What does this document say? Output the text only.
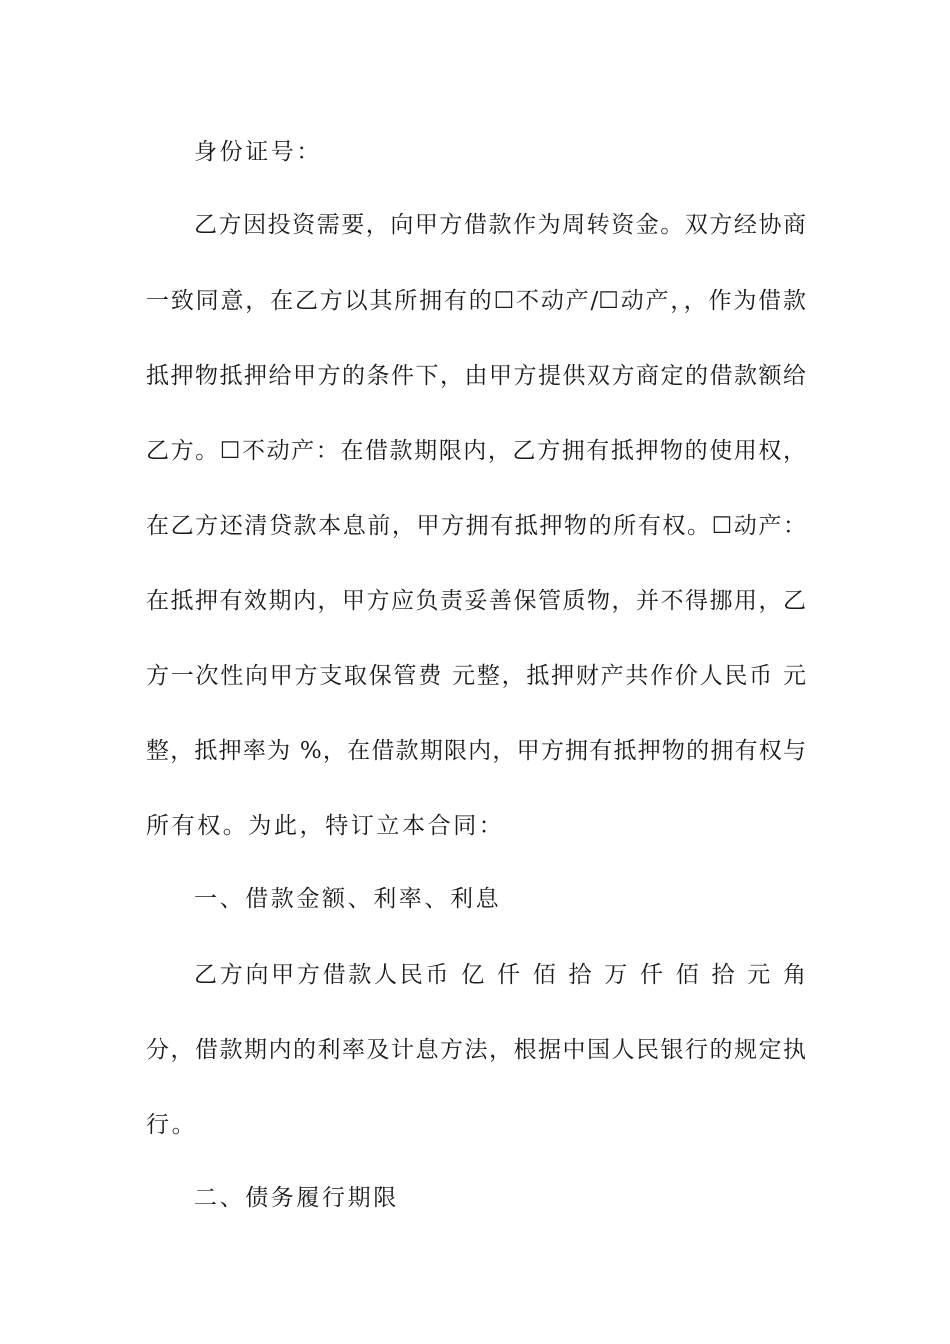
身份证号：
乙方因投资需要，向甲方借款作为周转资金。双方经协商
一致同意，在乙方以其所拥有的☐不动产/☐动产，，作为借款
抵押物抵押给甲方的条件下，由甲方提供双方商定的借款额给
乙方。☐不动产：在借款期限内，乙方拥有抵押物的使用权，
在乙方还清贷款本息前，甲方拥有抵押物的所有权。☐动产：
在抵押有效期内，甲方应负责妥善保管质物，并不得挪用，乙
方一次性向甲方支取保管费 元整，抵押财产共作价人民币 元
整，抵押率为 %，在借款期限内，甲方拥有抵押物的拥有权与
所有权。为此，特订立本合同：
一、借款金额、利率、利息
乙方向甲方借款人民币 亿 仟 佰 拾 万 仟 佰 拾 元 角
分，借款期内的利率及计息方法，根据中国人民银行的规定执
行。
二、债务履行期限
